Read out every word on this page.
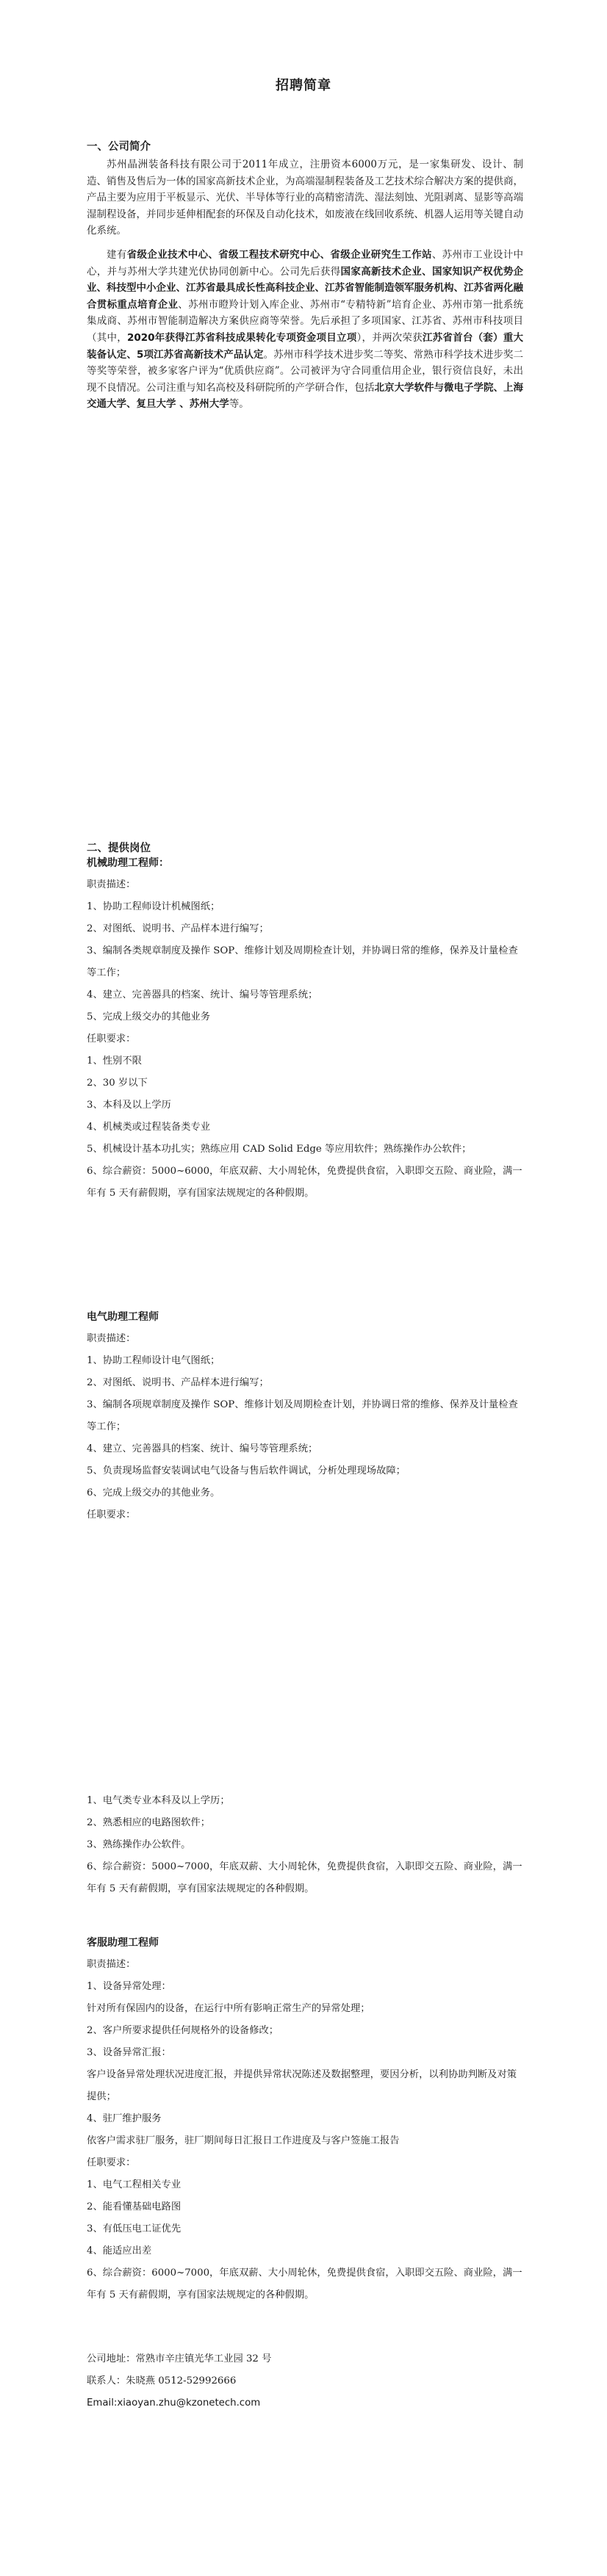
招聘简章
一、公司简介

苏州晶洲装备科技有限公司于2011年成立，注册资本6000万元，是一家集研发、设计、制造、销售及售后为一体的国家高新技术企业，为高端湿制程装备及工艺技术综合解决方案的提供商，产品主要为应用于平板显示、光伏、半导体等行业的高精密清洗、湿法刻蚀、光阻剥离、显影等高端湿制程设备，并同步延伸相配套的环保及自动化技术，如废液在线回收系统、机器人运用等关键自动化系统。

建有省级企业技术中心、省级工程技术研究中心、省级企业研究生工作站、苏州市工业设计中心，并与苏州大学共建光伏协同创新中心。公司先后获得国家高新技术企业、国家知识产权优势企业、科技型中小企业、江苏省最具成长性高科技企业、江苏省智能制造领军服务机构、江苏省两化融合贯标重点培育企业、苏州市瞪羚计划入库企业、苏州市“专精特新”培育企业、苏州市第一批系统集成商、苏州市智能制造解决方案供应商等荣誉。先后承担了多项国家、江苏省、苏州市科技项目（其中，2020年获得江苏省科技成果转化专项资金项目立项），并两次荣获江苏省首台（套）重大装备认定、5项江苏省高新技术产品认定。苏州市科学技术进步奖二等奖、常熟市科学技术进步奖二等奖等荣誉，被多家客户评为“优质供应商”。公司被评为守合同重信用企业，银行资信良好，未出现不良情况。公司注重与知名高校及科研院所的产学研合作，包括北京大学软件与微电子学院、上海交通大学、复旦大学 、苏州大学等。

二、提供岗位

机械助理工程师：

职责描述：

1、协助工程师设计机械图纸；

2、对图纸、说明书、产品样本进行编写；

3、编制各类规章制度及操作 SOP、维修计划及周期检查计划，并协调日常的维修，保养及计量检查等工作；

4、建立、完善器具的档案、统计、编号等管理系统；

5、完成上级交办的其他业务

任职要求：

1、性别不限

2、30 岁以下

3、本科及以上学历

4、机械类或过程装备类专业

5、机械设计基本功扎实；熟练应用 CAD Solid Edge 等应用软件；熟练操作办公软件；

6、综合薪资：5000~6000，年底双薪、大小周轮休，免费提供食宿，入职即交五险、商业险，满一年有 5 天有薪假期，享有国家法规规定的各种假期。

电气助理工程师

职责描述：

1、协助工程师设计电气图纸；

2、对图纸、说明书、产品样本进行编写；

3、编制各项规章制度及操作 SOP、维修计划及周期检查计划，并协调日常的维修、保养及计量检查等工作；

4、建立、完善器具的档案、统计、编号等管理系统；

5、负责现场监督安装调试电气设备与售后软件调试，分析处理现场故障；

6、完成上级交办的其他业务。

任职要求：

1、电气类专业本科及以上学历；

2、熟悉相应的电路图软件；

3、熟练操作办公软件。

6、综合薪资：5000~7000，年底双薪、大小周轮休，免费提供食宿，入职即交五险、商业险，满一年有 5 天有薪假期，享有国家法规规定的各种假期。

客服助理工程师

职责描述：

1、设备异常处理：

针对所有保固内的设备，在运行中所有影响正常生产的异常处理；

2、客户所要求提供任何规格外的设备修改；

3、设备异常汇报：

客户设备异常处理状况进度汇报，并提供异常状况陈述及数据整理，要因分析，以利协助判断及对策提供；

4、驻厂维护服务

依客户需求驻厂服务，驻厂期间每日汇报日工作进度及与客户签施工报告

任职要求：

1、电气工程相关专业

2、能看懂基础电路图

3、有低压电工证优先

4、能适应出差

6、综合薪资：6000~7000，年底双薪、大小周轮休，免费提供食宿，入职即交五险、商业险，满一年有 5 天有薪假期，享有国家法规规定的各种假期。

公司地址：常熟市辛庄镇光华工业园 32 号

联系人：朱晓燕 0512-52992666

Email:xiaoyan.zhu@kzonetech.com
